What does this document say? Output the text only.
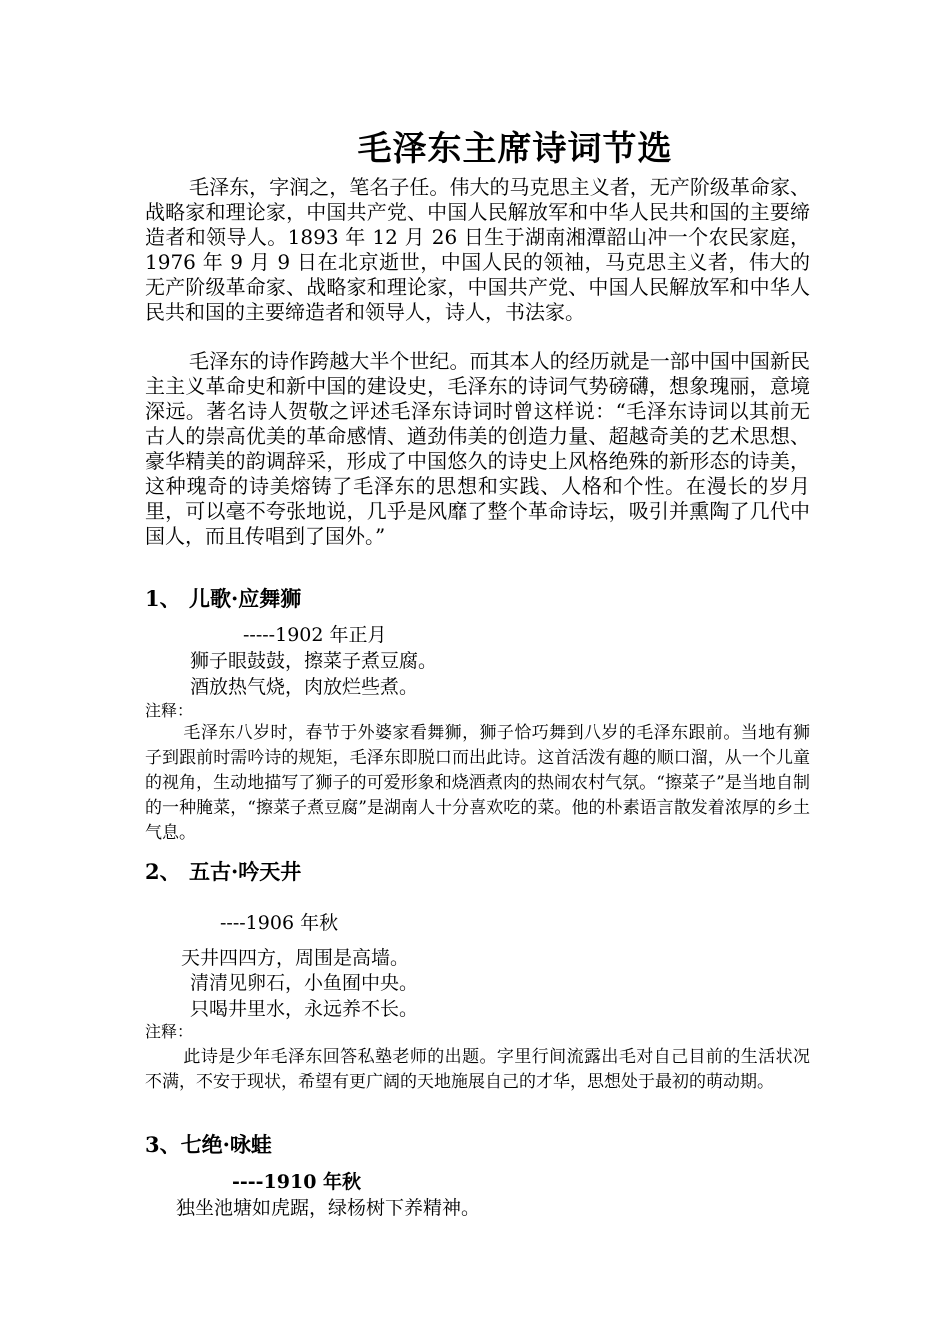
毛泽东主席诗词节选

毛泽东，字润之，笔名子任。伟大的马克思主义者，无产阶级革命家、战略家和理论家，中国共产党、中国人民解放军和中华人民共和国的主要缔造者和领导人。1893 年 12 月 26 日生于湖南湘潭韶山冲一个农民家庭，1976 年 9 月 9 日在北京逝世，中国人民的领袖，马克思主义者，伟大的无产阶级革命家、战略家和理论家，中国共产党、中国人民解放军和中华人民共和国的主要缔造者和领导人，诗人，书法家。

毛泽东的诗作跨越大半个世纪。而其本人的经历就是一部中国中国新民主主义革命史和新中国的建设史，毛泽东的诗词气势磅礴，想象瑰丽，意境深远。著名诗人贺敬之评述毛泽东诗词时曾这样说：“毛泽东诗词以其前无古人的崇高优美的革命感情、遒劲伟美的创造力量、超越奇美的艺术思想、豪华精美的韵调辞采，形成了中国悠久的诗史上风格绝殊的新形态的诗美，这种瑰奇的诗美熔铸了毛泽东的思想和实践、人格和个性。在漫长的岁月里，可以毫不夸张地说，几乎是风靡了整个革命诗坛，吸引并熏陶了几代中国人，而且传唱到了国外。”

1、 儿歌·应舞狮
-----1902 年正月
狮子眼鼓鼓，擦菜子煮豆腐。
酒放热气烧，肉放烂些煮。
注释：

毛泽东八岁时，春节于外婆家看舞狮，狮子恰巧舞到八岁的毛泽东跟前。当地有狮子到跟前时需吟诗的规矩，毛泽东即脱口而出此诗。这首活泼有趣的顺口溜，从一个儿童的视角，生动地描写了狮子的可爱形象和烧酒煮肉的热闹农村气氛。“擦菜子”是当地自制的一种腌菜，“擦菜子煮豆腐”是湖南人十分喜欢吃的菜。他的朴素语言散发着浓厚的乡土气息。

2、 五古·吟天井
----1906 年秋
天井四四方，周围是高墙。
清清见卵石，小鱼囿中央。
只喝井里水，永远养不长。
注释：

此诗是少年毛泽东回答私塾老师的出题。字里行间流露出毛对自己目前的生活状况不满，不安于现状，希望有更广阔的天地施展自己的才华，思想处于最初的萌动期。

3、七绝·咏蛙
----1910 年秋
独坐池塘如虎踞，绿杨树下养精神。
